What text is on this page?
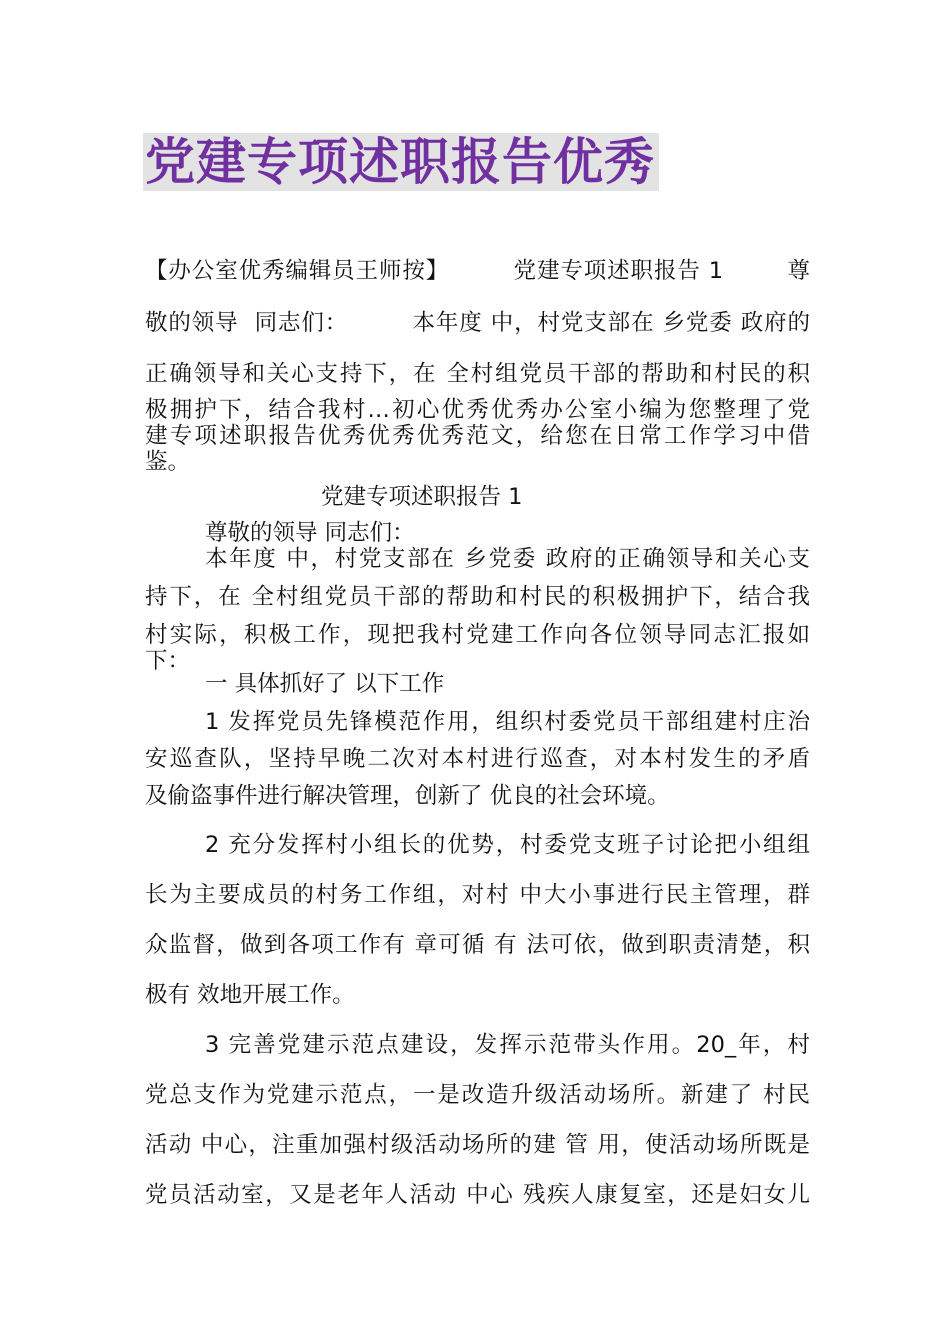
党建专项述职报告优秀
【办公室优秀编辑员王师按】        党建专项述职报告 1        尊
敬的领导  同志们：        本年度 中，村党支部在 乡党委 政府的
正确领导和关心支持下，在 全村组党员干部的帮助和村民的积
极拥护下，结合我村…初心优秀优秀办公室小编为您整理了党
建专项述职报告优秀优秀优秀范文，给您在日常工作学习中借
鉴。
党建专项述职报告 1
尊敬的领导 同志们：
本年度 中，村党支部在 乡党委 政府的正确领导和关心支
持下，在 全村组党员干部的帮助和村民的积极拥护下，结合我
村实际，积极工作，现把我村党建工作向各位领导同志汇报如
下：
一 具体抓好了 以下工作
1 发挥党员先锋模范作用，组织村委党员干部组建村庄治
安巡查队，坚持早晚二次对本村进行巡查，对本村发生的矛盾
及偷盗事件进行解决管理，创新了 优良的社会环境。
2 充分发挥村小组长的优势，村委党支班子讨论把小组组
长为主要成员的村务工作组，对村 中大小事进行民主管理，群
众监督，做到各项工作有 章可循 有 法可依，做到职责清楚，积
极有 效地开展工作。
3 完善党建示范点建设，发挥示范带头作用。20_年，村
党总支作为党建示范点，一是改造升级活动场所。新建了 村民
活动 中心，注重加强村级活动场所的建 管 用，使活动场所既是
党员活动室，又是老年人活动 中心 残疾人康复室，还是妇女儿
